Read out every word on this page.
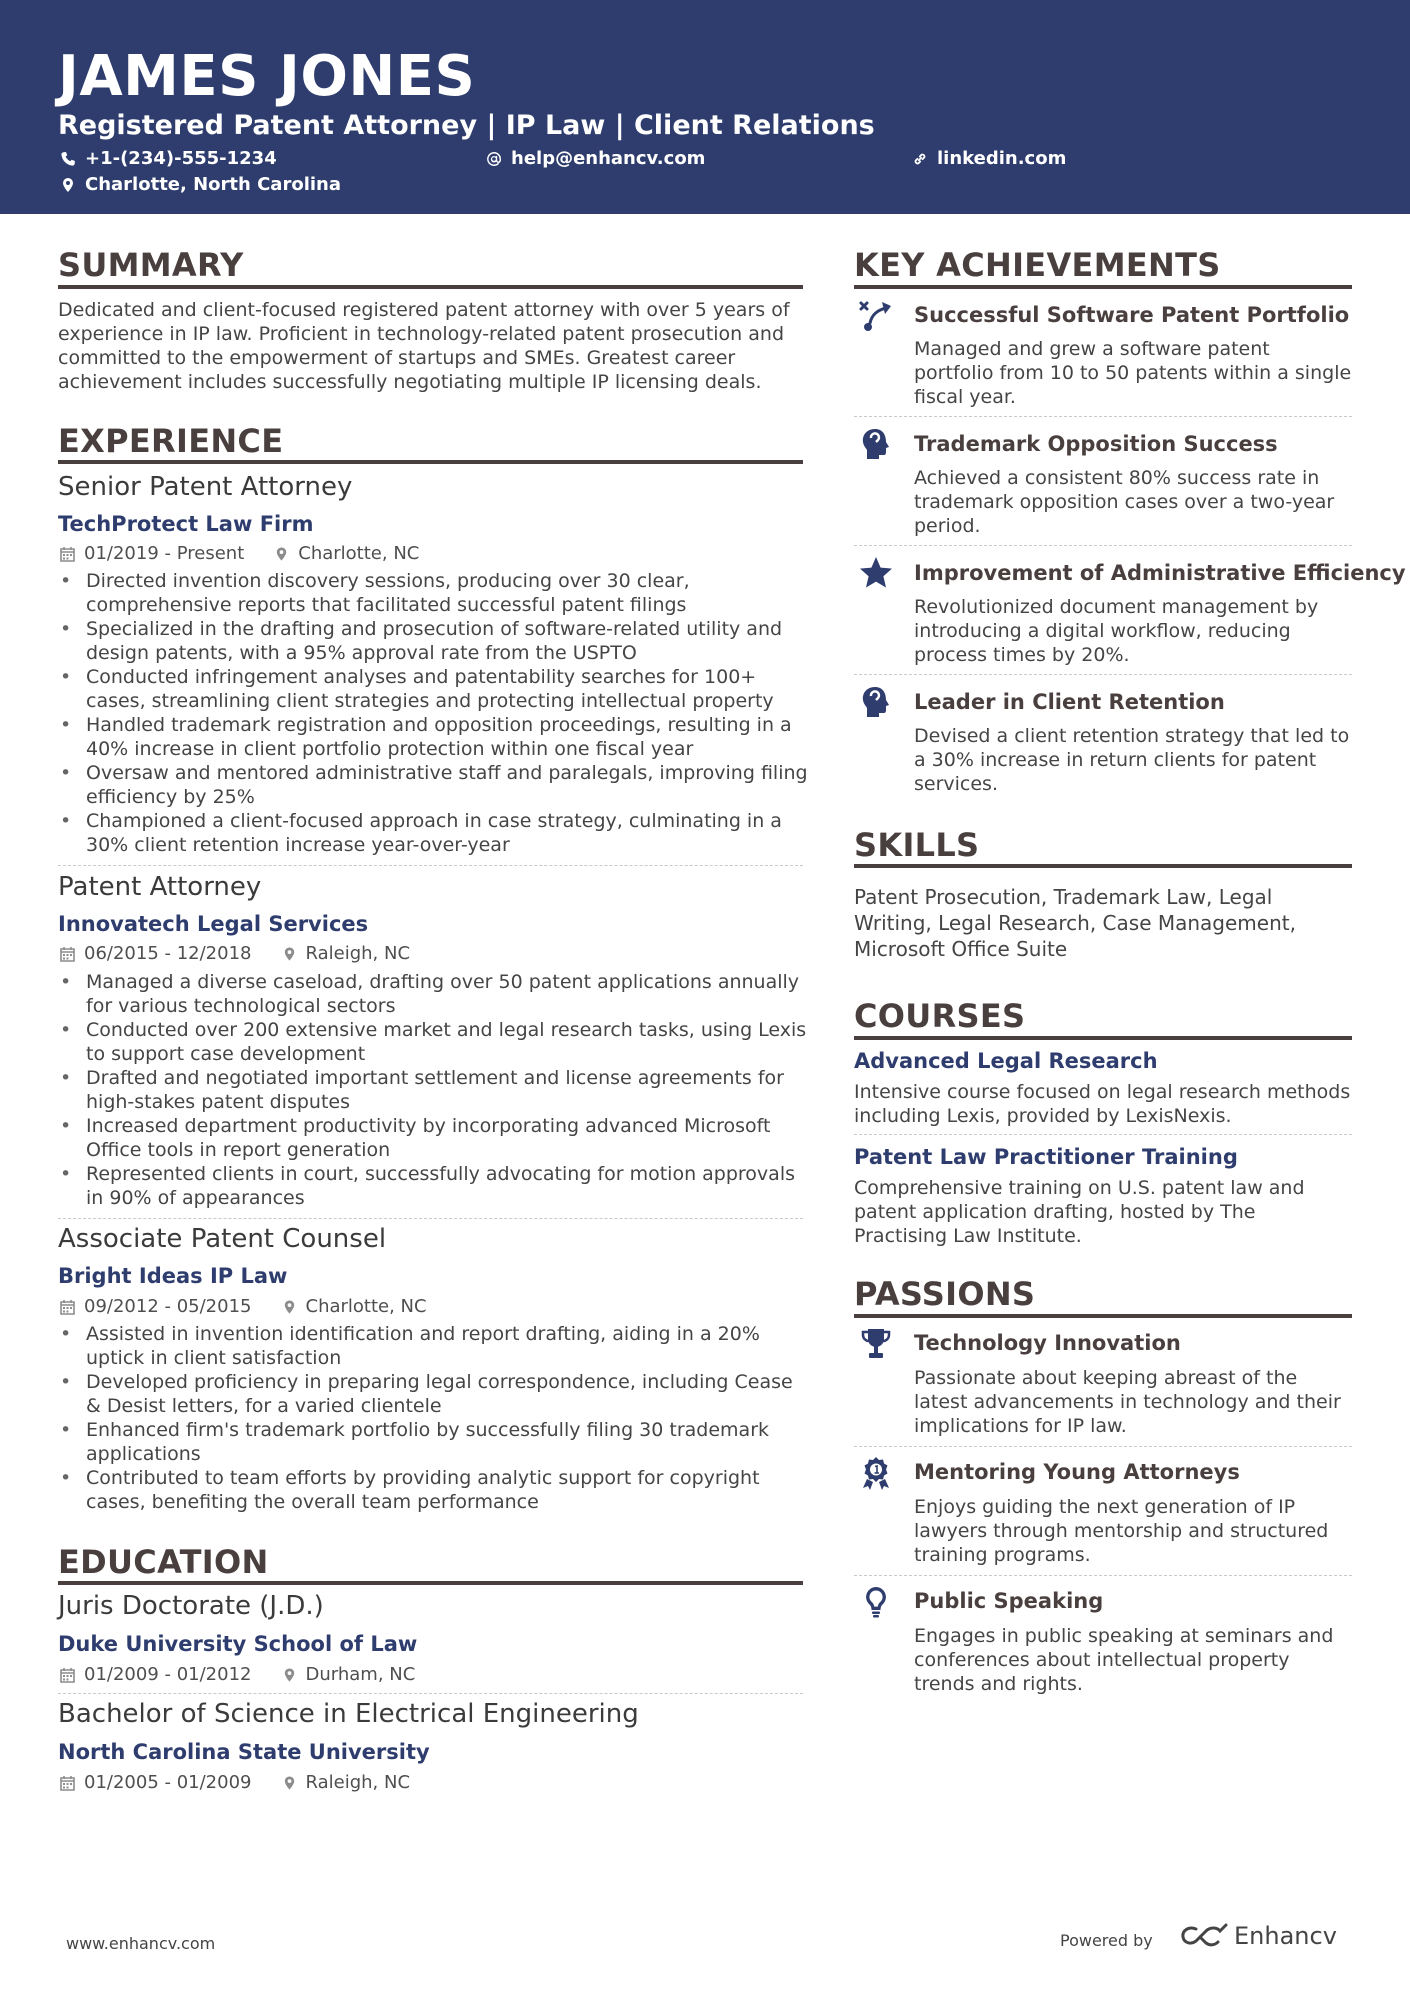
JAMES JONES
Registered Patent Attorney | IP Law | Client Relations
+1-(234)-555-1234	help@enhancv.com	linkedin.com
Charlotte, North Carolina
SUMMARY
Dedicated and client-focused registered patent attorney with over 5 years of experience in IP law. Proficient in technology-related patent prosecution and committed to the empowerment of startups and SMEs. Greatest career achievement includes successfully negotiating multiple IP licensing deals.
EXPERIENCE
Senior Patent Attorney
TechProtect Law Firm
01/2019 - Present	Charlotte, NC
• Directed invention discovery sessions, producing over 30 clear, comprehensive reports that facilitated successful patent filings
• Specialized in the drafting and prosecution of software-related utility and design patents, with a 95% approval rate from the USPTO
• Conducted infringement analyses and patentability searches for 100+ cases, streamlining client strategies and protecting intellectual property
• Handled trademark registration and opposition proceedings, resulting in a 40% increase in client portfolio protection within one fiscal year
• Oversaw and mentored administrative staff and paralegals, improving filing efficiency by 25%
• Championed a client-focused approach in case strategy, culminating in a 30% client retention increase year-over-year
Patent Attorney
Innovatech Legal Services
06/2015 - 12/2018	Raleigh, NC
• Managed a diverse caseload, drafting over 50 patent applications annually for various technological sectors
• Conducted over 200 extensive market and legal research tasks, using Lexis to support case development
• Drafted and negotiated important settlement and license agreements for high-stakes patent disputes
• Increased department productivity by incorporating advanced Microsoft Office tools in report generation
• Represented clients in court, successfully advocating for motion approvals in 90% of appearances
Associate Patent Counsel
Bright Ideas IP Law
09/2012 - 05/2015	Charlotte, NC
• Assisted in invention identification and report drafting, aiding in a 20% uptick in client satisfaction
• Developed proficiency in preparing legal correspondence, including Cease & Desist letters, for a varied clientele
• Enhanced firm's trademark portfolio by successfully filing 30 trademark applications
• Contributed to team efforts by providing analytic support for copyright cases, benefiting the overall team performance
EDUCATION
Juris Doctorate (J.D.)
Duke University School of Law
01/2009 - 01/2012	Durham, NC
Bachelor of Science in Electrical Engineering
North Carolina State University
01/2005 - 01/2009	Raleigh, NC
KEY ACHIEVEMENTS
Successful Software Patent Portfolio
Managed and grew a software patent portfolio from 10 to 50 patents within a single fiscal year.
Trademark Opposition Success
Achieved a consistent 80% success rate in trademark opposition cases over a two-year period.
Improvement of Administrative Efficiency
Revolutionized document management by introducing a digital workflow, reducing process times by 20%.
Leader in Client Retention
Devised a client retention strategy that led to a 30% increase in return clients for patent services.
SKILLS
Patent Prosecution, Trademark Law, Legal Writing, Legal Research, Case Management, Microsoft Office Suite
COURSES
Advanced Legal Research
Intensive course focused on legal research methods including Lexis, provided by LexisNexis.
Patent Law Practitioner Training
Comprehensive training on U.S. patent law and patent application drafting, hosted by The Practising Law Institute.
PASSIONS
Technology Innovation
Passionate about keeping abreast of the latest advancements in technology and their implications for IP law.
Mentoring Young Attorneys
Enjoys guiding the next generation of IP lawyers through mentorship and structured training programs.
Public Speaking
Engages in public speaking at seminars and conferences about intellectual property trends and rights.
www.enhancv.com	Powered by	Enhancv
